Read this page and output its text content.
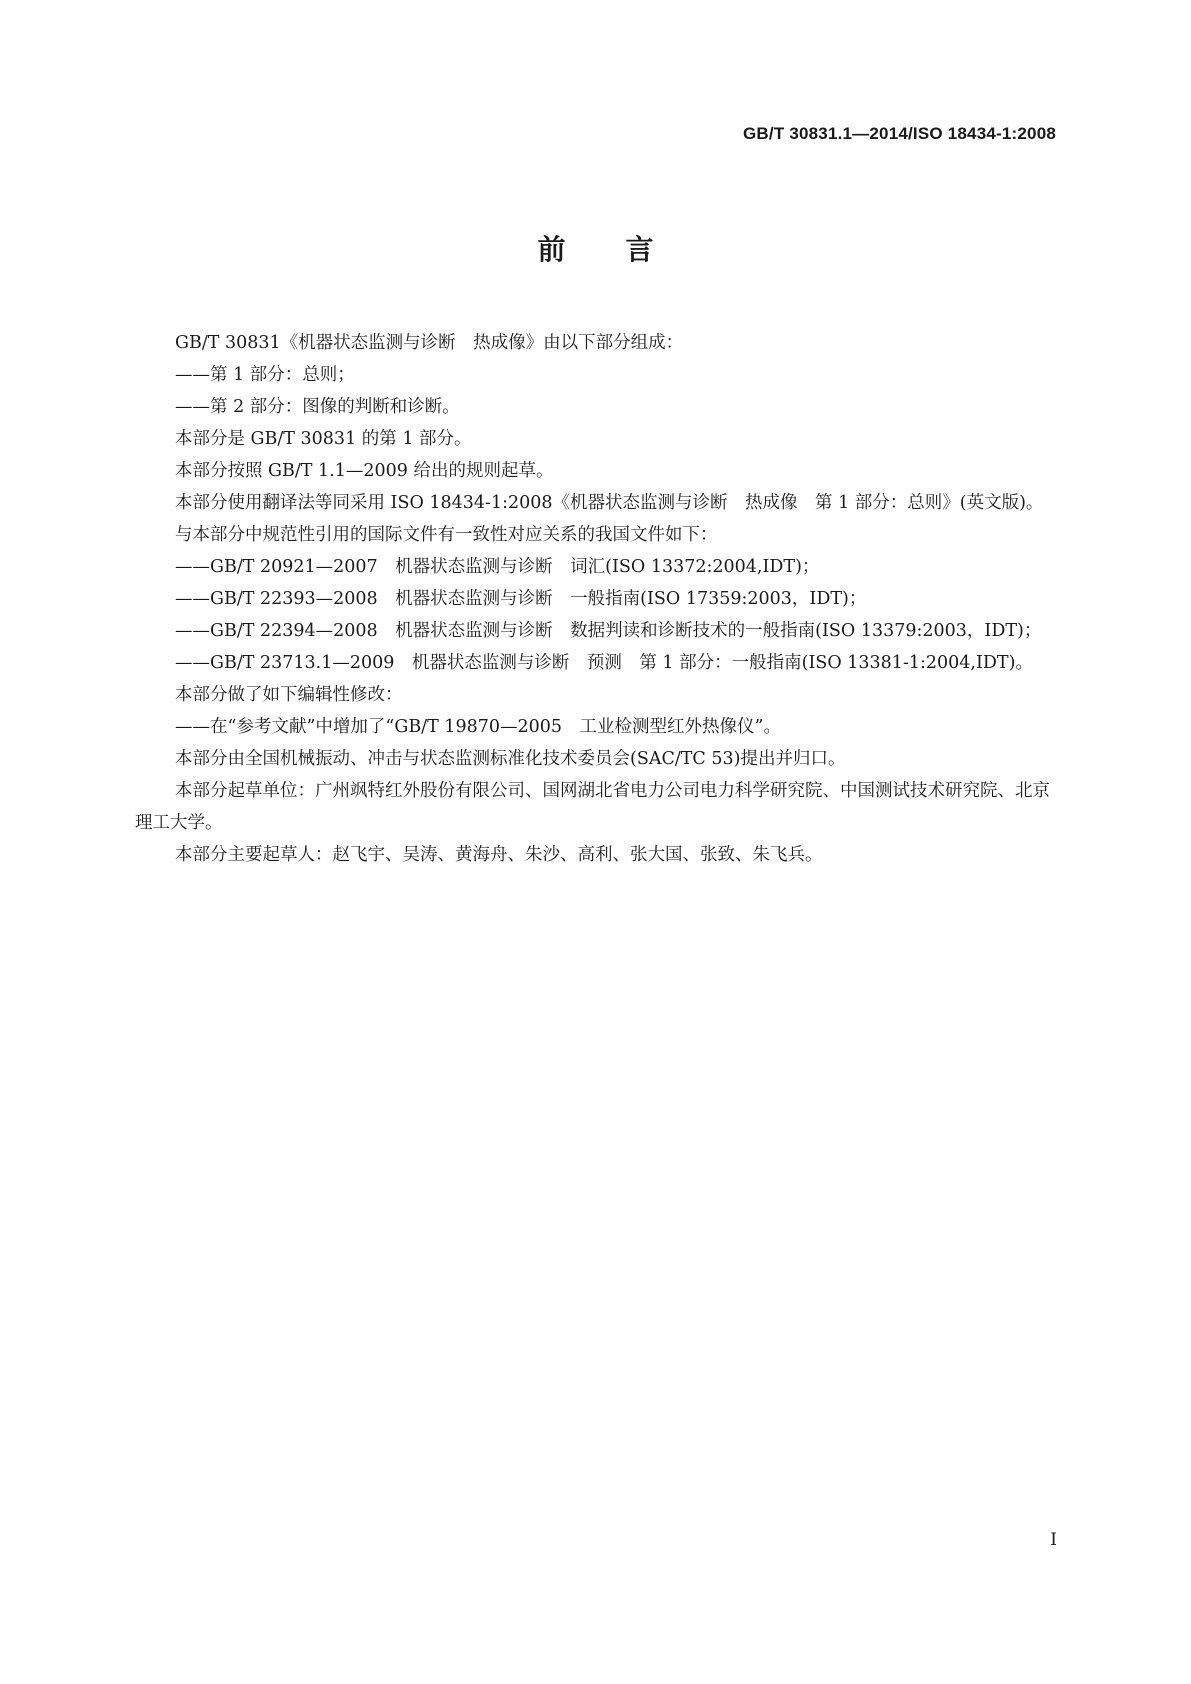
GB/T 30831.1—2014/ISO 18434-1:2008
前言

GB/T 30831《机器状态监测与诊断　热成像》由以下部分组成：

——第 1 部分：总则；

——第 2 部分：图像的判断和诊断。

本部分是 GB/T 30831 的第 1 部分。

本部分按照 GB/T 1.1—2009 给出的规则起草。

本部分使用翻译法等同采用 ISO 18434-1:2008《机器状态监测与诊断　热成像　第 1 部分：总则》(英文版)。

与本部分中规范性引用的国际文件有一致性对应关系的我国文件如下：

——GB/T 20921—2007　机器状态监测与诊断　词汇(ISO 13372:2004,IDT)；

——GB/T 22393—2008　机器状态监测与诊断　一般指南(ISO 17359:2003，IDT)；

——GB/T 22394—2008　机器状态监测与诊断　数据判读和诊断技术的一般指南(ISO 13379:2003，IDT)；

——GB/T 23713.1—2009　机器状态监测与诊断　预测　第 1 部分：一般指南(ISO 13381-1:2004,IDT)。

本部分做了如下编辑性修改：

——在“参考文献”中增加了“GB/T 19870—2005　工业检测型红外热像仪”。

本部分由全国机械振动、冲击与状态监测标准化技术委员会(SAC/TC 53)提出并归口。

本部分起草单位：广州飒特红外股份有限公司、国网湖北省电力公司电力科学研究院、中国测试技术研究院、北京理工大学。

本部分主要起草人：赵飞宇、吴涛、黄海舟、朱沙、高利、张大国、张致、朱飞兵。

I
